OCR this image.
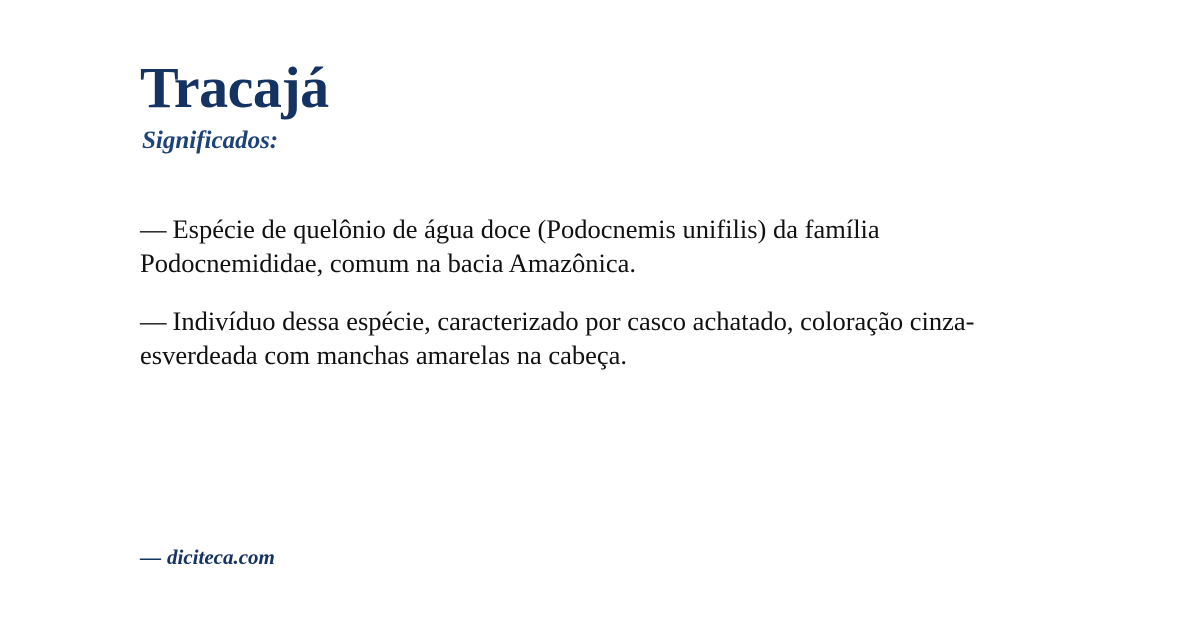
Tracajá
Significados:

— Espécie de quelônio de água doce (Podocnemis unifilis) da família Podocnemididae, comum na bacia Amazônica.

— Indivíduo dessa espécie, caracterizado por casco achatado, coloração cinza-esverdeada com manchas amarelas na cabeça.

— diciteca.com
